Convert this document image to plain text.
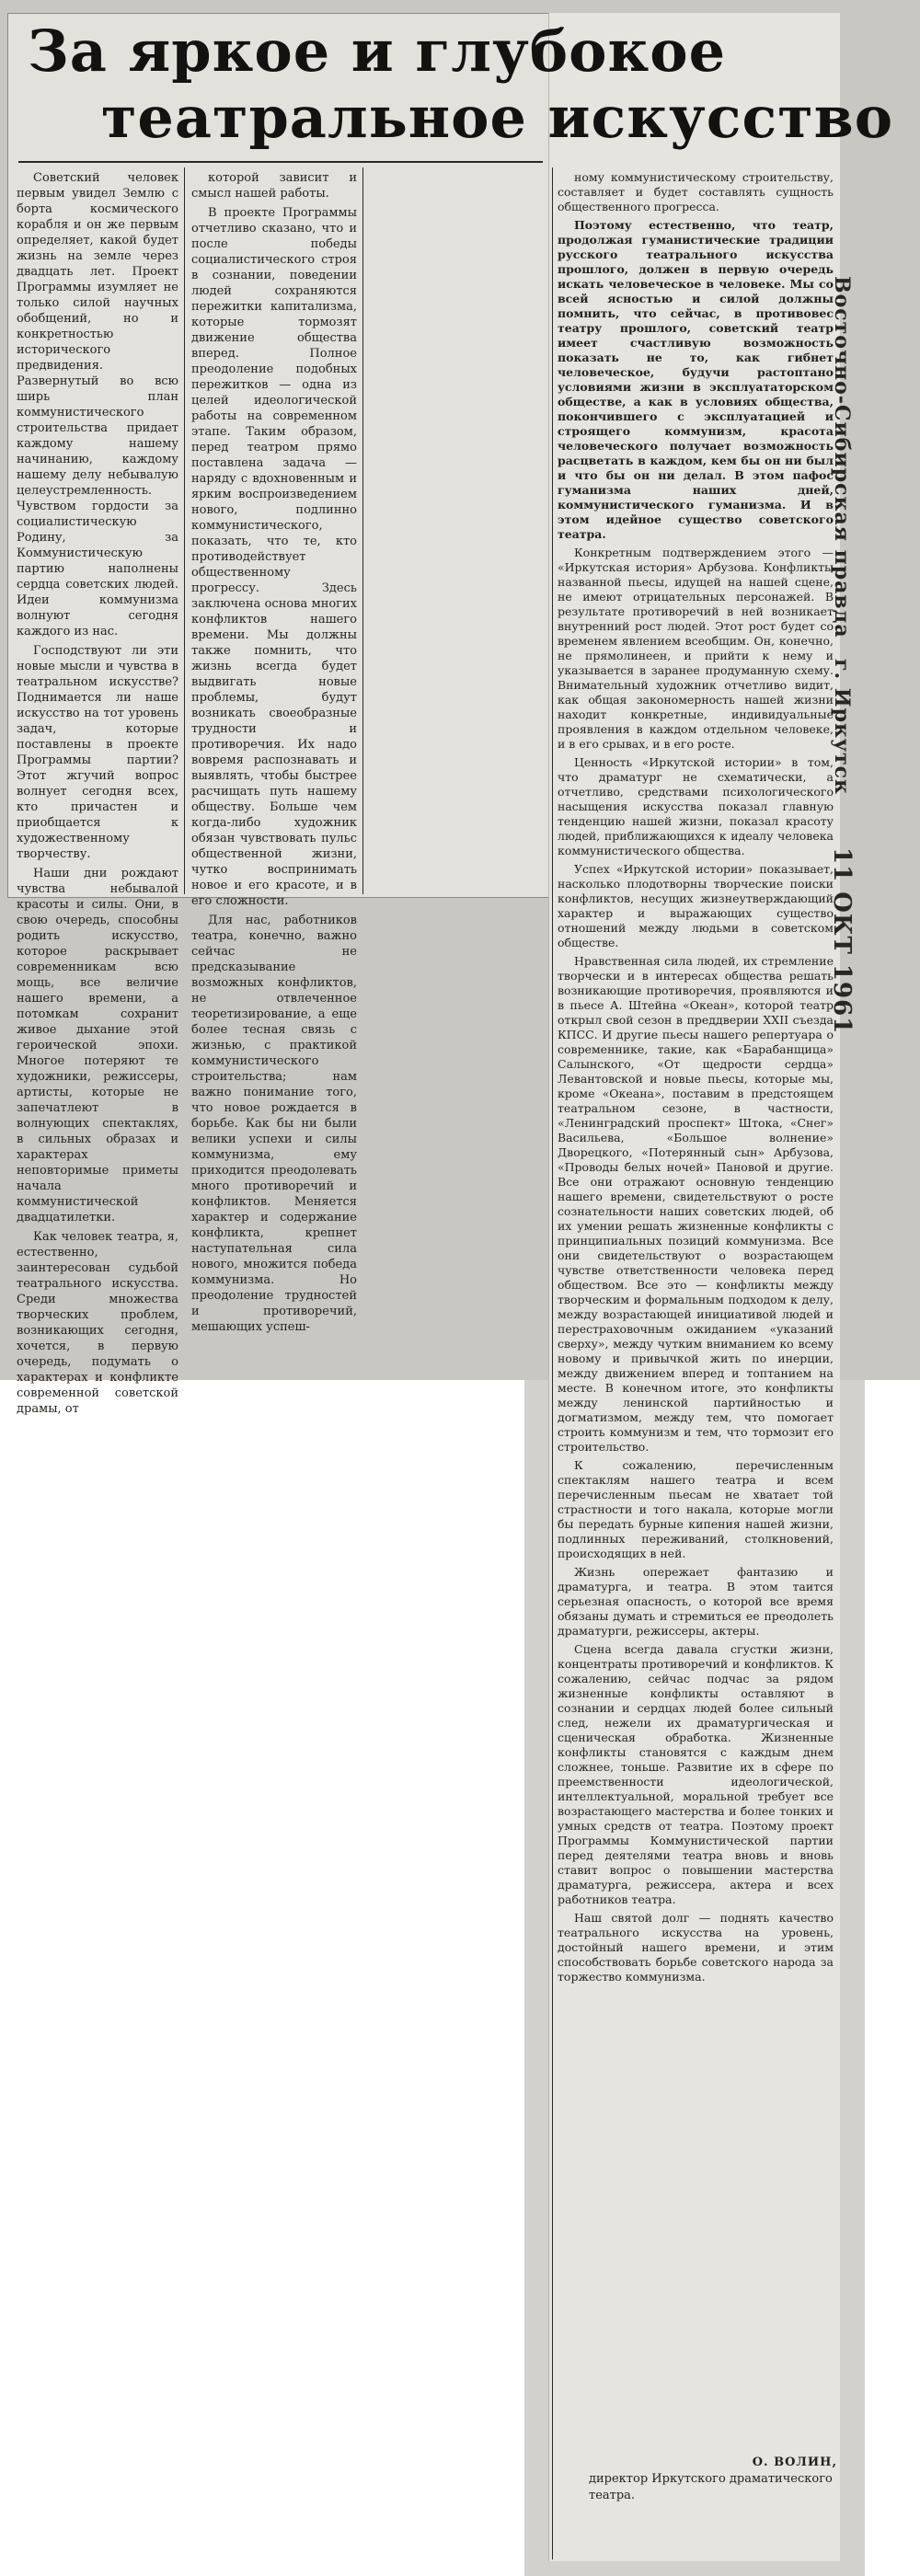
За яркое и глубокое
театральное искусство

Советский человек первым увидел Землю с борта космического корабля и он же первым определяет, какой будет жизнь на земле через двадцать лет. Проект Программы изумляет не только силой научных обобщений, но и конкретностью исторического предвидения. Развернутый во всю ширь план коммунистического строительства придает каждому нашему начинанию, каждому нашему делу небывалую целеустремленность. Чувством гордости за социалистическую Родину, за Коммунистическую партию наполнены сердца советских людей. Идеи коммунизма волнуют сегодня каждого из нас.

Господствуют ли эти новые мысли и чувства в театральном искусстве? Поднимается ли наше искусство на тот уровень задач, которые поставлены в проекте Программы партии? Этот жгучий вопрос волнует сегодня всех, кто причастен и приобщается к художественному творчеству.

Наши дни рождают чувства небывалой красоты и силы. Они, в свою очередь, способны родить искусство, которое раскрывает современникам всю мощь, все величие нашего времени, а потомкам сохранит живое дыхание этой героической эпохи. Многое потеряют те художники, режиссеры, артисты, которые не запечатлеют в волнующих спектаклях, в сильных образах и характерах неповторимые приметы начала коммунистической двадцатилетки.

Как человек театра, я, естественно, заинтересован судьбой театрального искусства. Среди множества творческих проблем, возникающих сегодня, хочется, в первую очередь, подумать о характерах и конфликте современной советской драмы, от

которой зависит и смысл нашей работы.

В проекте Программы отчетливо сказано, что и после победы социалистического строя в сознании, поведении людей сохраняются пережитки капитализма, которые тормозят движение общества вперед. Полное преодоление подобных пережитков — одна из целей идеологической работы на современном этапе. Таким образом, перед театром прямо поставлена задача — наряду с вдохновенным и ярким воспроизведением нового, подлинно коммунистического, показать, что те, кто противодействует общественному прогрессу. Здесь заключена основа многих конфликтов нашего времени. Мы должны также помнить, что жизнь всегда будет выдвигать новые проблемы, будут возникать своеобразные трудности и противоречия. Их надо вовремя распознавать и выявлять, чтобы быстрее расчищать путь нашему обществу. Больше чем когда-либо художник обязан чувствовать пульс общественной жизни, чутко воспринимать новое и его красоте, и в его сложности.

Для нас, работников театра, конечно, важно сейчас не предсказывание возможных конфликтов, не отвлеченное теоретизирование, а еще более тесная связь с жизнью, с практикой коммунистического строительства; нам важно понимание того, что новое рождается в борьбе. Как бы ни были велики успехи и силы коммунизма, ему приходится преодолевать много противоречий и конфликтов. Меняется характер и содержание конфликта, крепнет наступательная сила нового, множится победа коммунизма. Но преодоление трудностей и противоречий, мешающих успеш-

ному коммунистическому строительству, составляет и будет составлять сущность общественного прогресса.

Поэтому естественно, что театр, продолжая гуманистические традиции русского театрального искусства прошлого, должен в первую очередь искать человеческое в человеке. Мы со всей ясностью и силой должны помнить, что сейчас, в противовес театру прошлого, советский театр имеет счастливую возможность показать не то, как гибнет человеческое, будучи растоптано условиями жизни в эксплуататорском обществе, а как в условиях общества, покончившего с эксплуатацией и строящего коммунизм, красота человеческого получает возможность расцветать в каждом, кем бы он ни был и что бы он ни делал. В этом пафос гуманизма наших дней, коммунистического гуманизма. И в этом идейное существо советского театра.

Конкретным подтверждением этого — «Иркутская история» Арбузова. Конфликты названной пьесы, идущей на нашей сцене, не имеют отрицательных персонажей. В результате противоречий в ней возникает внутренний рост людей. Этот рост будет со временем явлением всеобщим. Он, конечно, не прямолинеен, и прийти к нему и указывается в заранее продуманную схему. Внимательный художник отчетливо видит, как общая закономерность нашей жизни находит конкретные, индивидуальные проявления в каждом отдельном человеке, и в его срывах, и в его росте.

Ценность «Иркутской истории» в том, что драматург не схематически, а отчетливо, средствами психологического насыщения искусства показал главную тенденцию нашей жизни, показал красоту людей, приближающихся к идеалу человека коммунистического общества.

Успех «Иркутской истории» показывает, насколько плодотворны творческие поиски конфликтов, несущих жизнеутверждающий характер и выражающих существо отношений между людьми в советском обществе.

Нравственная сила людей, их стремление творчески и в интересах общества решать возникающие противоречия, проявляются и в пьесе А. Штейна «Океан», которой театр открыл свой сезон в преддверии XXII съезда КПСС. И другие пьесы нашего репертуара о современнике, такие, как «Барабанщица» Салынского, «От щедрости сердца» Левантовской и новые пьесы, которые мы, кроме «Океана», поставим в предстоящем театральном сезоне, в частности, «Ленинградский проспект» Штока, «Снег» Васильева, «Большое волнение» Дворецкого, «Потерянный сын» Арбузова, «Проводы белых ночей» Пановой и другие. Все они отражают основную тенденцию нашего времени, свидетельствуют о росте сознательности наших советских людей, об их умении решать жизненные конфликты с принципиальных позиций коммунизма. Все они свидетельствуют о возрастающем чувстве ответственности человека перед обществом. Все это — конфликты между творческим и формальным подходом к делу, между возрастающей инициативой людей и перестраховочным ожиданием «указаний сверху», между чутким вниманием ко всему новому и привычкой жить по инерции, между движением вперед и топтанием на месте. В конечном итоге, это конфликты между ленинской партийностью и догматизмом, между тем, что помогает строить коммунизм и тем, что тормозит его строительство.

К сожалению, перечисленным спектаклям нашего театра и всем перечисленным пьесам не хватает той страстности и того накала, которые могли бы передать бурные кипения нашей жизни, подлинных переживаний, столкновений, происходящих в ней.

Жизнь опережает фантазию и драматурга, и театра. В этом таится серьезная опасность, о которой все время обязаны думать и стремиться ее преодолеть драматурги, режиссеры, актеры.

Сцена всегда давала сгустки жизни, концентраты противоречий и конфликтов. К сожалению, сейчас подчас за рядом жизненные конфликты оставляют в сознании и сердцах людей более сильный след, нежели их драматургическая и сценическая обработка. Жизненные конфликты становятся с каждым днем сложнее, тоньше. Развитие их в сфере по преемственности идеологической, интеллектуальной, моральной требует все возрастающего мастерства и более тонких и умных средств от театра. Поэтому проект Программы Коммунистической партии перед деятелями театра вновь и вновь ставит вопрос о повышении мастерства драматурга, режиссера, актера и всех работников театра.

Наш святой долг — поднять качество театрального искусства на уровень, достойный нашего времени, и этим способствовать борьбе советского народа за торжество коммунизма.

Восточно-Сибирская правда г. Иркутск 11 ОКТ 1961
О. ВОЛИН,
директор Иркутского драматического театра.
